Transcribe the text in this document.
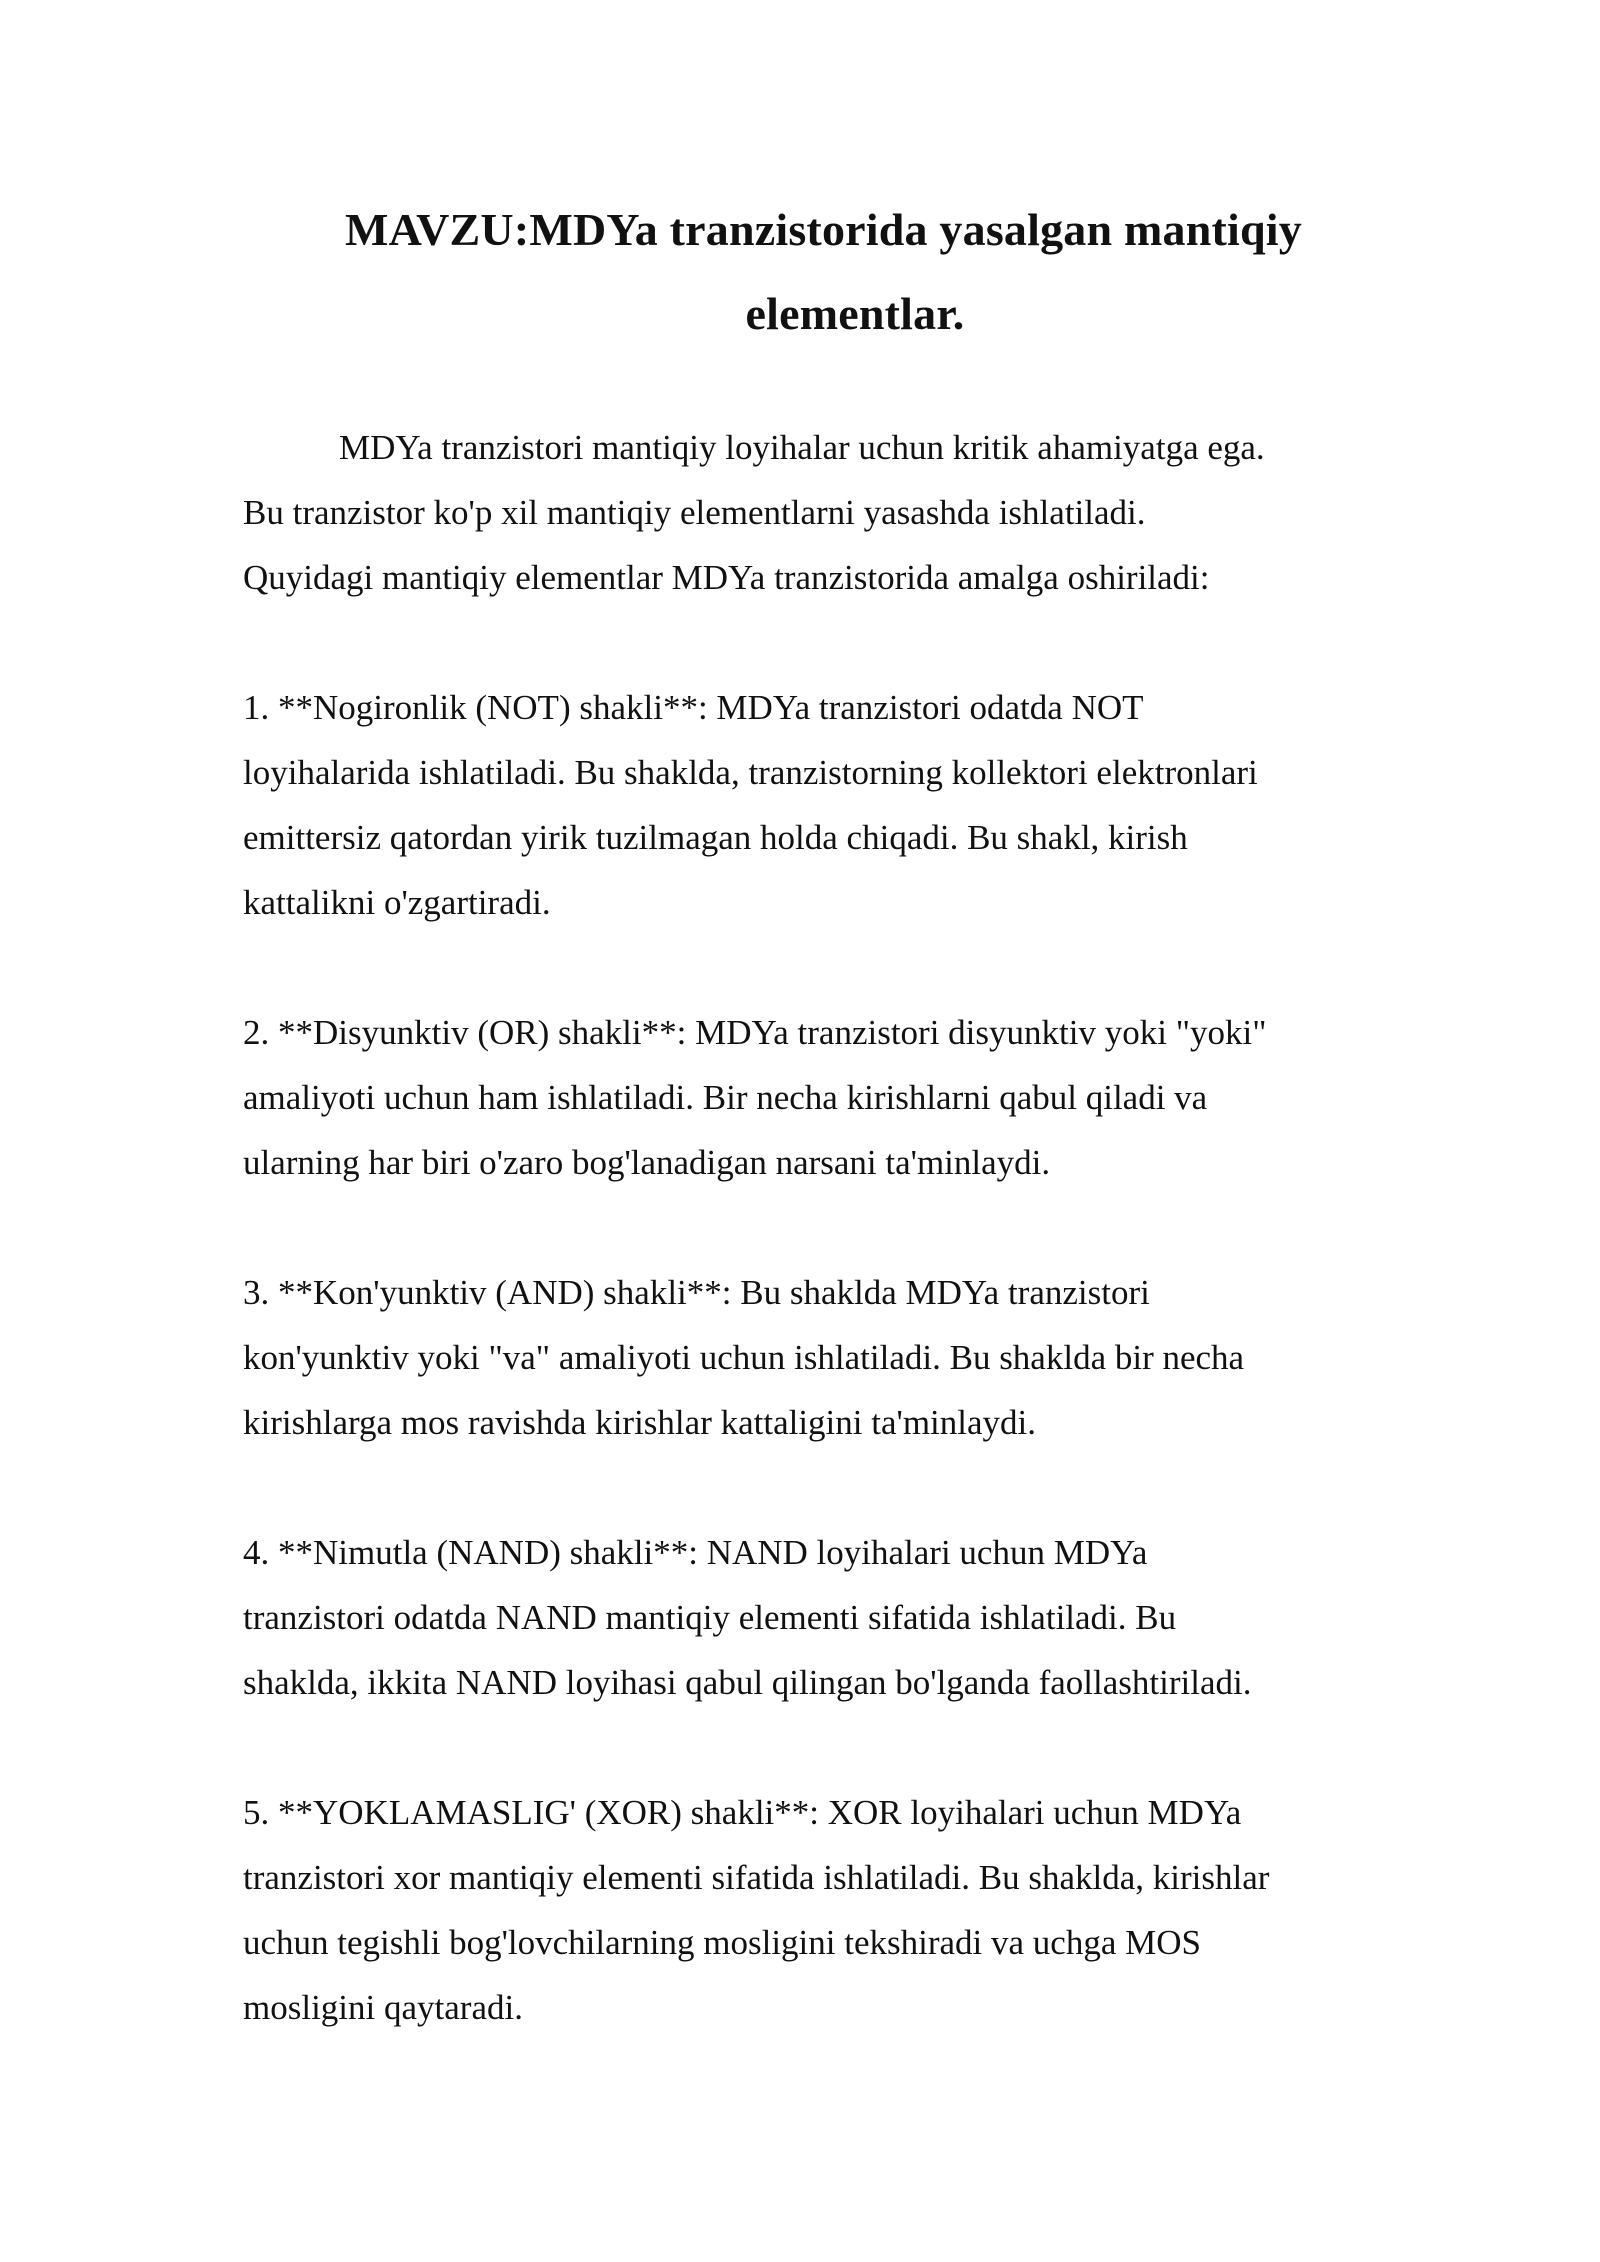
MAVZU:MDYa tranzistorida yasalgan mantiqiy
elementlar.

MDYa tranzistori mantiqiy loyihalar uchun kritik ahamiyatga ega.
Bu tranzistor ko'p xil mantiqiy elementlarni yasashda ishlatiladi.
Quyidagi mantiqiy elementlar MDYa tranzistorida amalga oshiriladi:

1. **Nogironlik (NOT) shakli**: MDYa tranzistori odatda NOT
loyihalarida ishlatiladi. Bu shaklda, tranzistorning kollektori elektronlari
emittersiz qatordan yirik tuzilmagan holda chiqadi. Bu shakl, kirish
kattalikni o'zgartiradi.

2. **Disyunktiv (OR) shakli**: MDYa tranzistori disyunktiv yoki "yoki"
amaliyoti uchun ham ishlatiladi. Bir necha kirishlarni qabul qiladi va
ularning har biri o'zaro bog'lanadigan narsani ta'minlaydi.

3. **Kon'yunktiv (AND) shakli**: Bu shaklda MDYa tranzistori
kon'yunktiv yoki "va" amaliyoti uchun ishlatiladi. Bu shaklda bir necha
kirishlarga mos ravishda kirishlar kattaligini ta'minlaydi.

4. **Nimutla (NAND) shakli**: NAND loyihalari uchun MDYa
tranzistori odatda NAND mantiqiy elementi sifatida ishlatiladi. Bu
shaklda, ikkita NAND loyihasi qabul qilingan bo'lganda faollashtiriladi.

5. **YOKLAMASLIG' (XOR) shakli**: XOR loyihalari uchun MDYa
tranzistori xor mantiqiy elementi sifatida ishlatiladi. Bu shaklda, kirishlar
uchun tegishli bog'lovchilarning mosligini tekshiradi va uchga MOS
mosligini qaytaradi.
